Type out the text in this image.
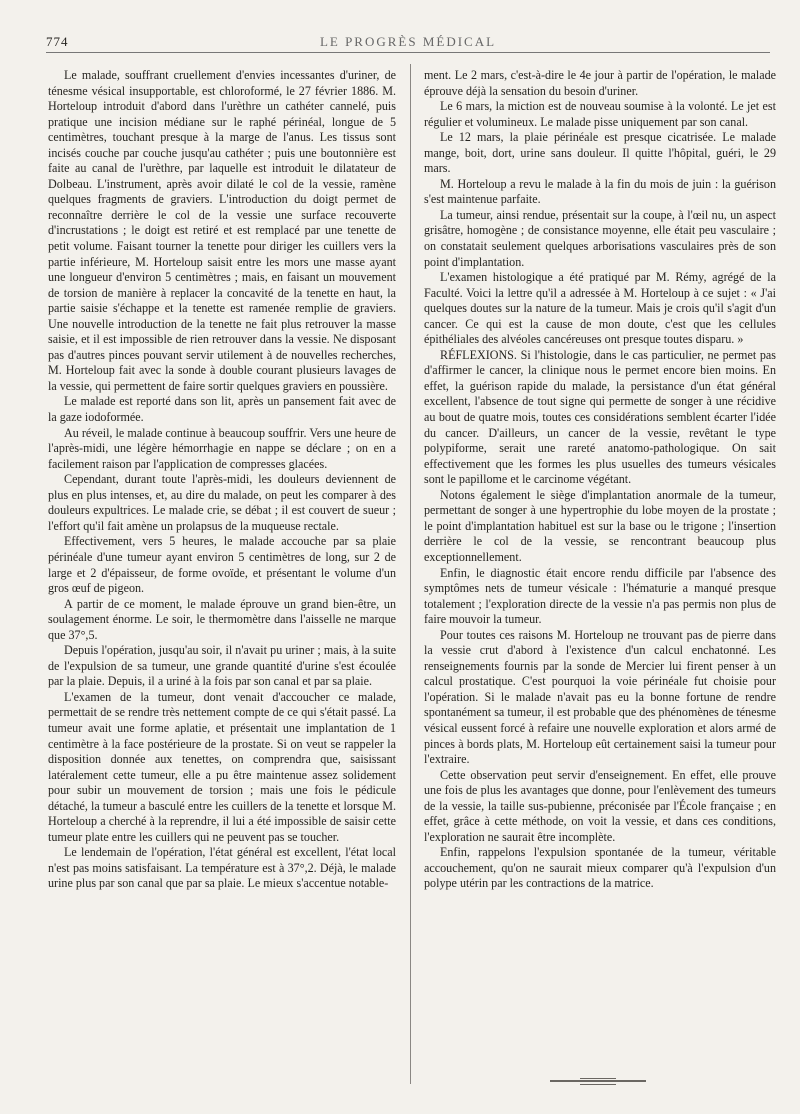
774	LE PROGRÈS MÉDICAL

Le malade, souffrant cruellement d'envies incessantes d'uriner, de ténesme vésical insupportable, est chloroformé, le 27 février 1886. M. Horteloup introduit d'abord dans l'urèthre un cathéter cannelé, puis pratique une incision médiane sur le raphé périnéal, longue de 5 centimètres, touchant presque à la marge de l'anus. Les tissus sont incisés couche par couche jusqu'au cathéter ; puis une boutonnière est faite au canal de l'urèthre, par laquelle est introduit le dilatateur de Dolbeau. L'instrument, après avoir dilaté le col de la vessie, ramène quelques fragments de graviers. L'introduction du doigt permet de reconnaître derrière le col de la vessie une surface recouverte d'incrustations ; le doigt est retiré et est remplacé par une tenette de petit volume. Faisant tourner la tenette pour diriger les cuillers vers la partie inférieure, M. Horteloup saisit entre les mors une masse ayant une longueur d'environ 5 centimètres ; mais, en faisant un mouvement de torsion de manière à replacer la concavité de la tenette en haut, la partie saisie s'échappe et la tenette est ramenée remplie de graviers. Une nouvelle introduction de la tenette ne fait plus retrouver la masse saisie, et il est impossible de rien retrouver dans la vessie. Ne disposant pas d'autres pinces pouvant servir utilement à de nouvelles recherches, M. Horteloup fait avec la sonde à double courant plusieurs lavages de la vessie, qui permettent de faire sortir quelques graviers en poussière.

Le malade est reporté dans son lit, après un pansement fait avec de la gaze iodoformée.

Au réveil, le malade continue à beaucoup souffrir. Vers une heure de l'après-midi, une légère hémorrhagie en nappe se déclare ; on en a facilement raison par l'application de compresses glacées.

Cependant, durant toute l'après-midi, les douleurs deviennent de plus en plus intenses, et, au dire du malade, on peut les comparer à des douleurs expultrices. Le malade crie, se débat ; il est couvert de sueur ; l'effort qu'il fait amène un prolapsus de la muqueuse rectale.

Effectivement, vers 5 heures, le malade accouche par sa plaie périnéale d'une tumeur ayant environ 5 centimètres de long, sur 2 de large et 2 d'épaisseur, de forme ovoïde, et présentant le volume d'un gros œuf de pigeon.

A partir de ce moment, le malade éprouve un grand bien-être, un soulagement énorme. Le soir, le thermomètre dans l'aisselle ne marque que 37°,5.

Depuis l'opération, jusqu'au soir, il n'avait pu uriner ; mais, à la suite de l'expulsion de sa tumeur, une grande quantité d'urine s'est écoulée par la plaie. Depuis, il a uriné à la fois par son canal et par sa plaie.

L'examen de la tumeur, dont venait d'accoucher ce malade, permettait de se rendre très nettement compte de ce qui s'était passé. La tumeur avait une forme aplatie, et présentait une implantation de 1 centimètre à la face postérieure de la prostate. Si on veut se rappeler la disposition donnée aux tenettes, on comprendra que, saisissant latéralement cette tumeur, elle a pu être maintenue assez solidement pour subir un mouvement de torsion ; mais une fois le pédicule détaché, la tumeur a basculé entre les cuillers de la tenette et lorsque M. Horteloup a cherché à la reprendre, il lui a été impossible de saisir cette tumeur plate entre les cuillers qui ne peuvent pas se toucher.

Le lendemain de l'opération, l'état général est excellent, l'état local n'est pas moins satisfaisant. La température est à 37°,2. Déjà, le malade urine plus par son canal que par sa plaie. Le mieux s'accentue notable-

ment. Le 2 mars, c'est-à-dire le 4e jour à partir de l'opération, le malade éprouve déjà la sensation du besoin d'uriner.

Le 6 mars, la miction est de nouveau soumise à la volonté. Le jet est régulier et volumineux. Le malade pisse uniquement par son canal.

Le 12 mars, la plaie périnéale est presque cicatrisée. Le malade mange, boit, dort, urine sans douleur. Il quitte l'hôpital, guéri, le 29 mars.

M. Horteloup a revu le malade à la fin du mois de juin : la guérison s'est maintenue parfaite.

La tumeur, ainsi rendue, présentait sur la coupe, à l'œil nu, un aspect grisâtre, homogène ; de consistance moyenne, elle était peu vasculaire ; on constatait seulement quelques arborisations vasculaires près de son point d'implantation.

L'examen histologique a été pratiqué par M. Rémy, agrégé de la Faculté. Voici la lettre qu'il a adressée à M. Horteloup à ce sujet : « J'ai quelques doutes sur la nature de la tumeur. Mais je crois qu'il s'agit d'un cancer. Ce qui est la cause de mon doute, c'est que les cellules épithéliales des alvéoles cancéreuses ont presque toutes disparu. »

RÉFLEXIONS. Si l'histologie, dans le cas particulier, ne permet pas d'affirmer le cancer, la clinique nous le permet encore bien moins. En effet, la guérison rapide du malade, la persistance d'un état général excellent, l'absence de tout signe qui permette de songer à une récidive au bout de quatre mois, toutes ces considérations semblent écarter l'idée du cancer. D'ailleurs, un cancer de la vessie, revêtant le type polypiforme, serait une rareté anatomo-pathologique. On sait effectivement que les formes les plus usuelles des tumeurs vésicales sont le papillome et le carcinome végétant.

Notons également le siège d'implantation anormale de la tumeur, permettant de songer à une hypertrophie du lobe moyen de la prostate ; le point d'implantation habituel est sur la base ou le trigone ; l'insertion derrière le col de la vessie, se rencontrant beaucoup plus exceptionnellement.

Enfin, le diagnostic était encore rendu difficile par l'absence des symptômes nets de tumeur vésicale : l'hématurie a manqué presque totalement ; l'exploration directe de la vessie n'a pas permis non plus de faire mouvoir la tumeur.

Pour toutes ces raisons M. Horteloup ne trouvant pas de pierre dans la vessie crut d'abord à l'existence d'un calcul enchatonné. Les renseignements fournis par la sonde de Mercier lui firent penser à un calcul prostatique. C'est pourquoi la voie périnéale fut choisie pour l'opération. Si le malade n'avait pas eu la bonne fortune de rendre spontanément sa tumeur, il est probable que des phénomènes de ténesme vésical eussent forcé à refaire une nouvelle exploration et alors armé de pinces à bords plats, M. Horteloup eût certainement saisi la tumeur pour l'extraire.

Cette observation peut servir d'enseignement. En effet, elle prouve une fois de plus les avantages que donne, pour l'enlèvement des tumeurs de la vessie, la taille sus-pubienne, préconisée par l'École française ; en effet, grâce à cette méthode, on voit la vessie, et dans ces conditions, l'exploration ne saurait être incomplète.

Enfin, rappelons l'expulsion spontanée de la tumeur, véritable accouchement, qu'on ne saurait mieux comparer qu'à l'expulsion d'un polype utérin par les contractions de la matrice.
